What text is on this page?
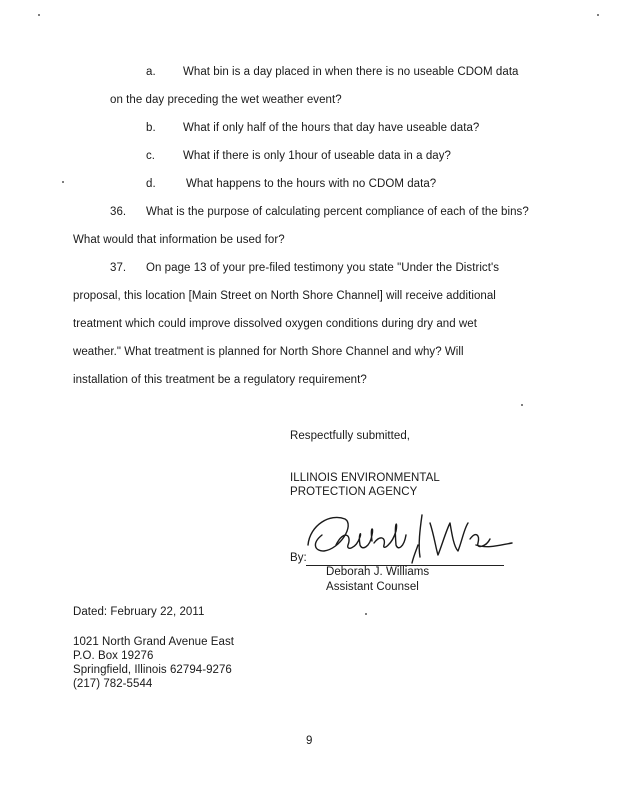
a. What bin is a day placed in when there is no useable CDOM data
on the day preceding the wet weather event?
b. What if only half of the hours that day have useable data?
c. What if there is only 1hour of useable data in a day?
d.	What happens to the hours with no CDOM data?
36. What is the purpose of calculating percent compliance of each of the bins?
What would that information be used for?
37. On page 13 of your pre-filed testimony you state "Under the District's
proposal, this location [Main Street on North Shore Channel] will receive additional
treatment which could improve dissolved oxygen conditions during dry and wet
weather." What treatment is planned for North Shore Channel and why? Will
installation of this treatment be a regulatory requirement?
Respectfully submitted,
ILLINOIS ENVIRONMENTAL
PROTECTION AGENCY
By:
Deborah J. Williams
Assistant Counsel
Dated: February 22, 2011
1021 North Grand Avenue East
P.O. Box 19276
Springfield, Illinois 62794-9276
(217) 782-5544
9
